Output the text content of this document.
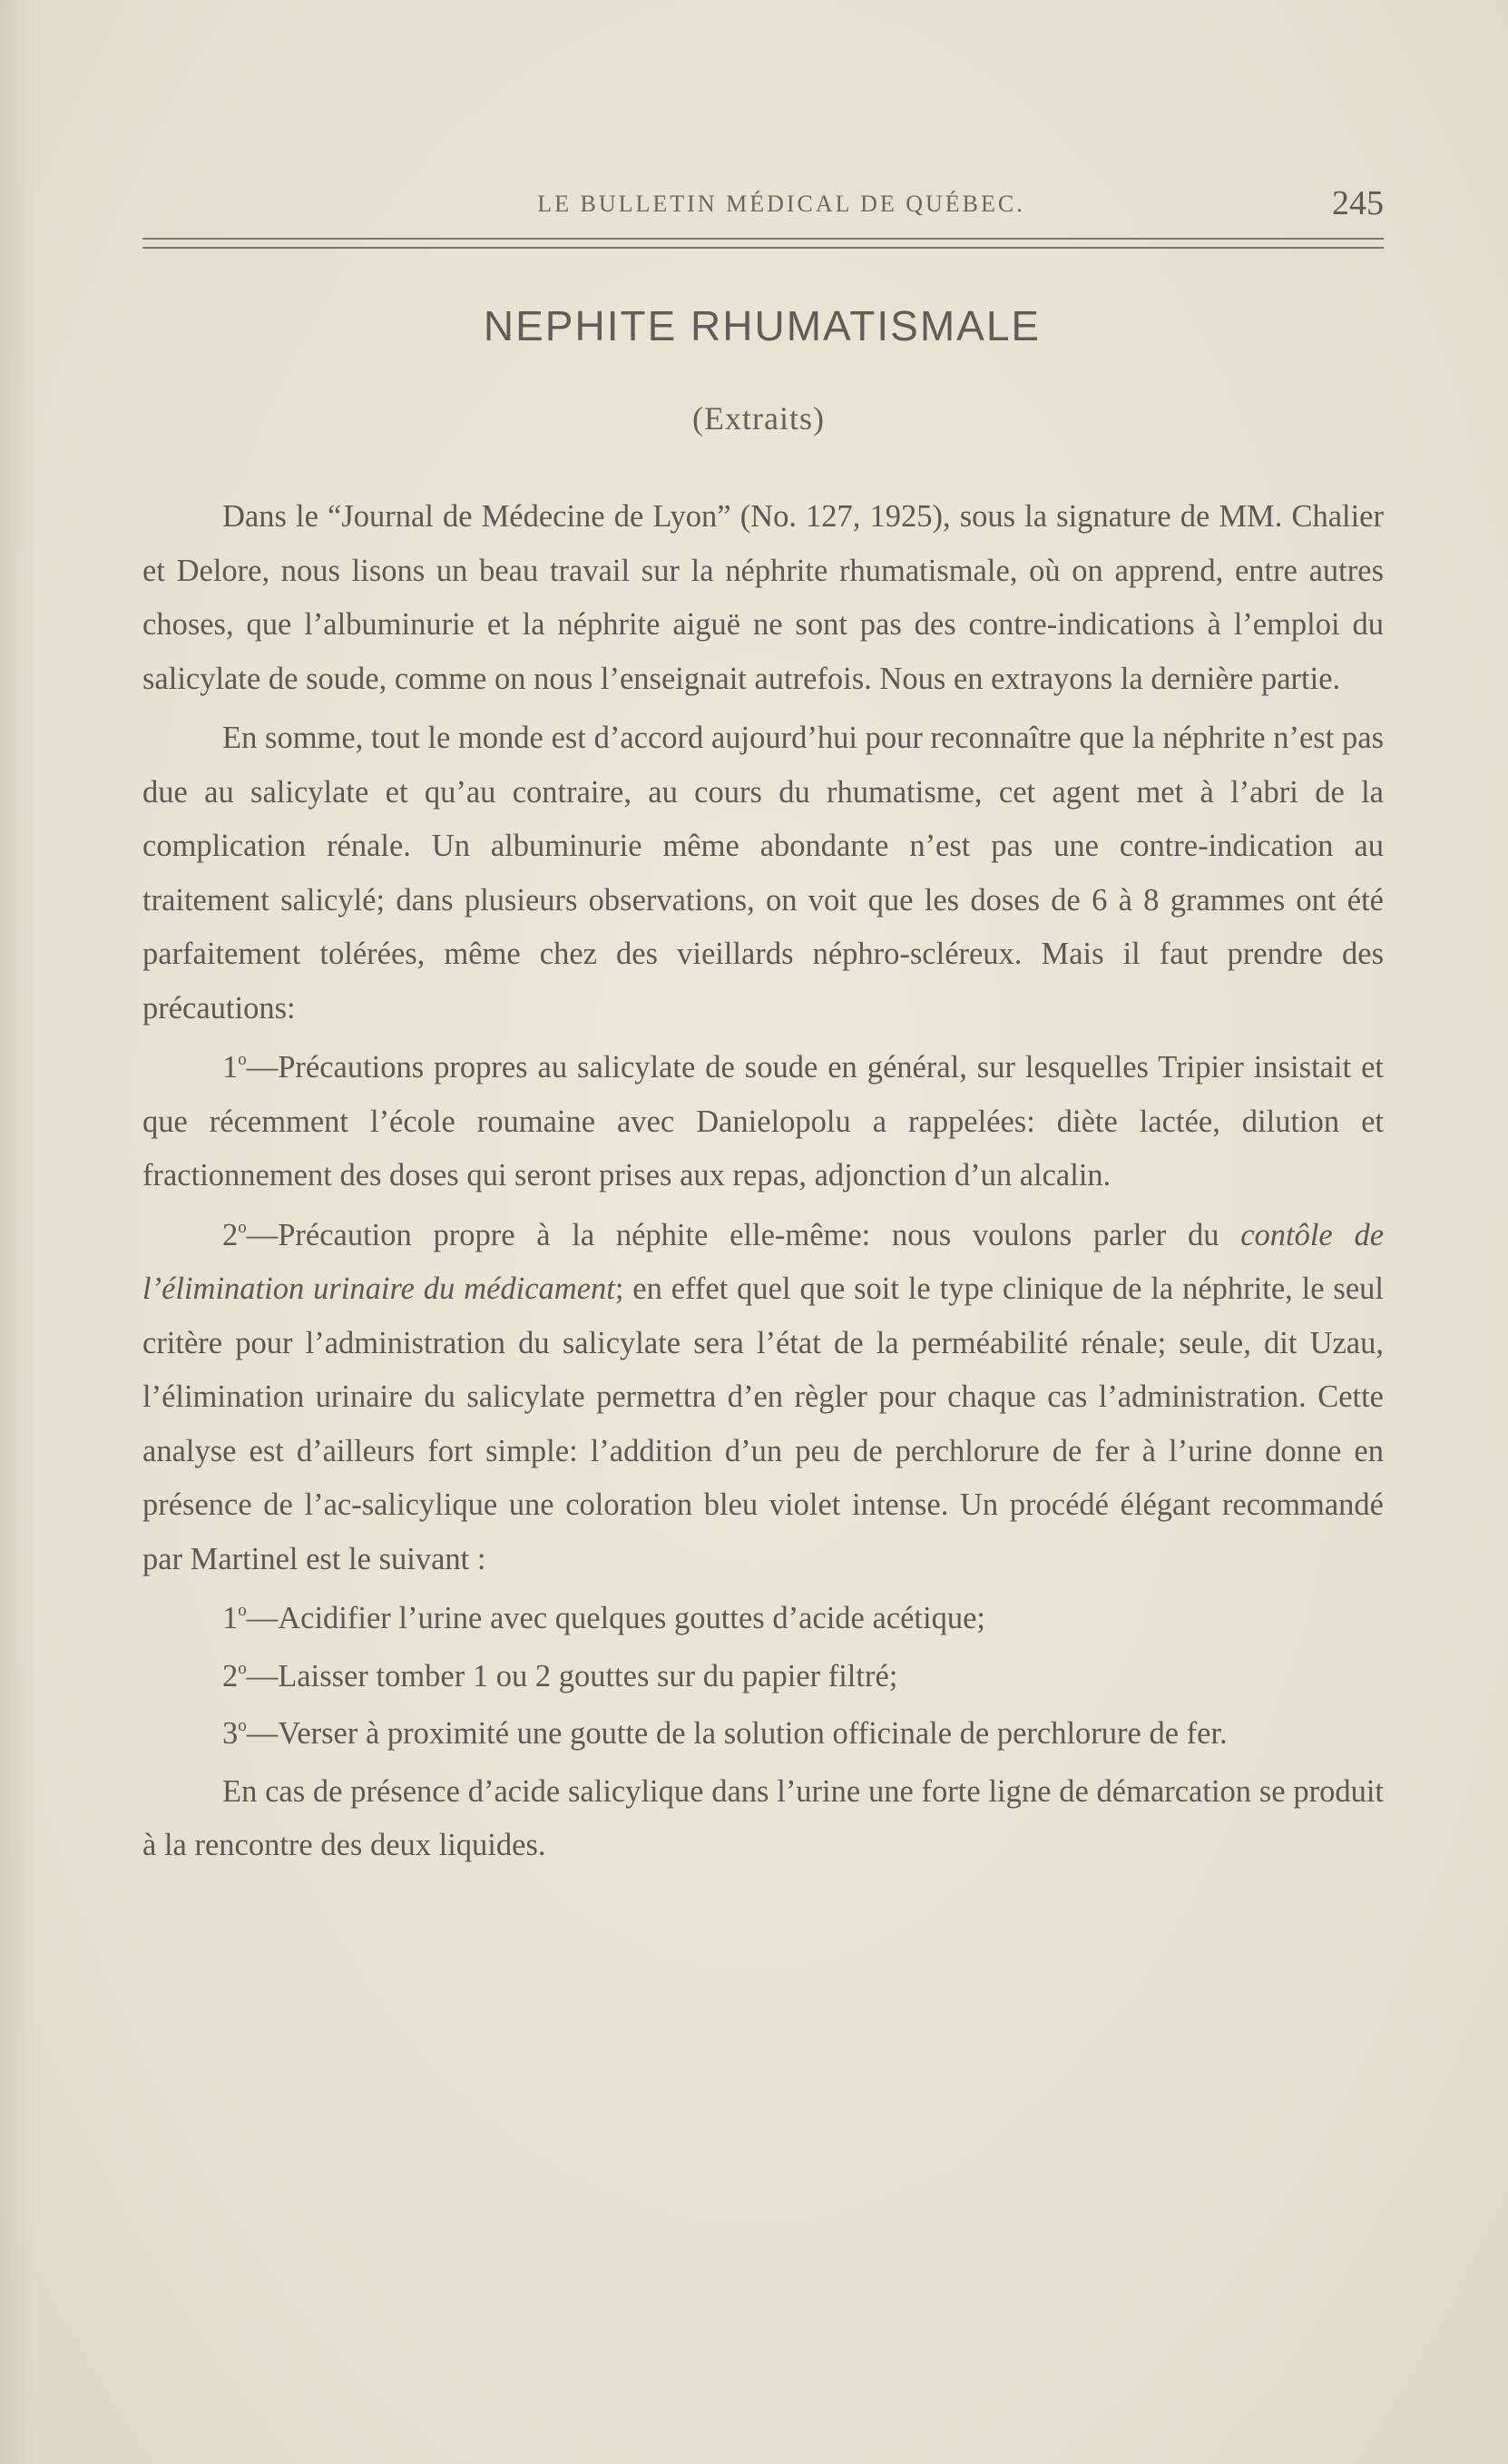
LE BULLETIN MÉDICAL DE QUÉBEC.	245
NEPHITE RHUMATISMALE
(Extraits)

Dans le “Journal de Médecine de Lyon” (No. 127, 1925), sous la signature de MM. Chalier et Delore, nous lisons un beau travail sur la néphrite rhumatismale, où on apprend, entre autres choses, que l’albuminurie et la néphrite aiguë ne sont pas des contre-indications à l’emploi du salicylate de soude, comme on nous l’enseignait autrefois. Nous en extrayons la dernière partie.

En somme, tout le monde est d’accord aujourd’hui pour reconnaître que la néphrite n’est pas due au salicylate et qu’au contraire, au cours du rhumatisme, cet agent met à l’abri de la complication rénale. Un albuminurie même abondante n’est pas une contre-indication au traitement salicylé; dans plusieurs observations, on voit que les doses de 6 à 8 grammes ont été parfaitement tolérées, même chez des vieillards néphro-scléreux. Mais il faut prendre des précautions:

1$^o$—Précautions propres au salicylate de soude en général, sur lesquelles Tripier insistait et que récemment l’école roumaine avec Danielopolu a rappelées: diète lactée, dilution et fractionnement des doses qui seront prises aux repas, adjonction d’un alcalin.

2$^o$—Précaution propre à la néphite elle-même: nous voulons parler du contôle de l’élimination urinaire du médicament; en effet quel que soit le type clinique de la néphrite, le seul critère pour l’administration du salicylate sera l’état de la perméabilité rénale; seule, dit Uzau, l’élimination urinaire du salicylate permettra d’en règler pour chaque cas l’administration. Cette analyse est d’ailleurs fort simple: l’addition d’un peu de perchlorure de fer à l’urine donne en présence de l’ac-salicylique une coloration bleu violet intense. Un procédé élégant recommandé par Martinel est le suivant :

1$^o$—Acidifier l’urine avec quelques gouttes d’acide acétique;

2$^o$—Laisser tomber 1 ou 2 gouttes sur du papier filtré;

3$^o$—Verser à proximité une goutte de la solution officinale de perchlorure de fer.

En cas de présence d’acide salicylique dans l’urine une forte ligne de démarcation se produit à la rencontre des deux liquides.
